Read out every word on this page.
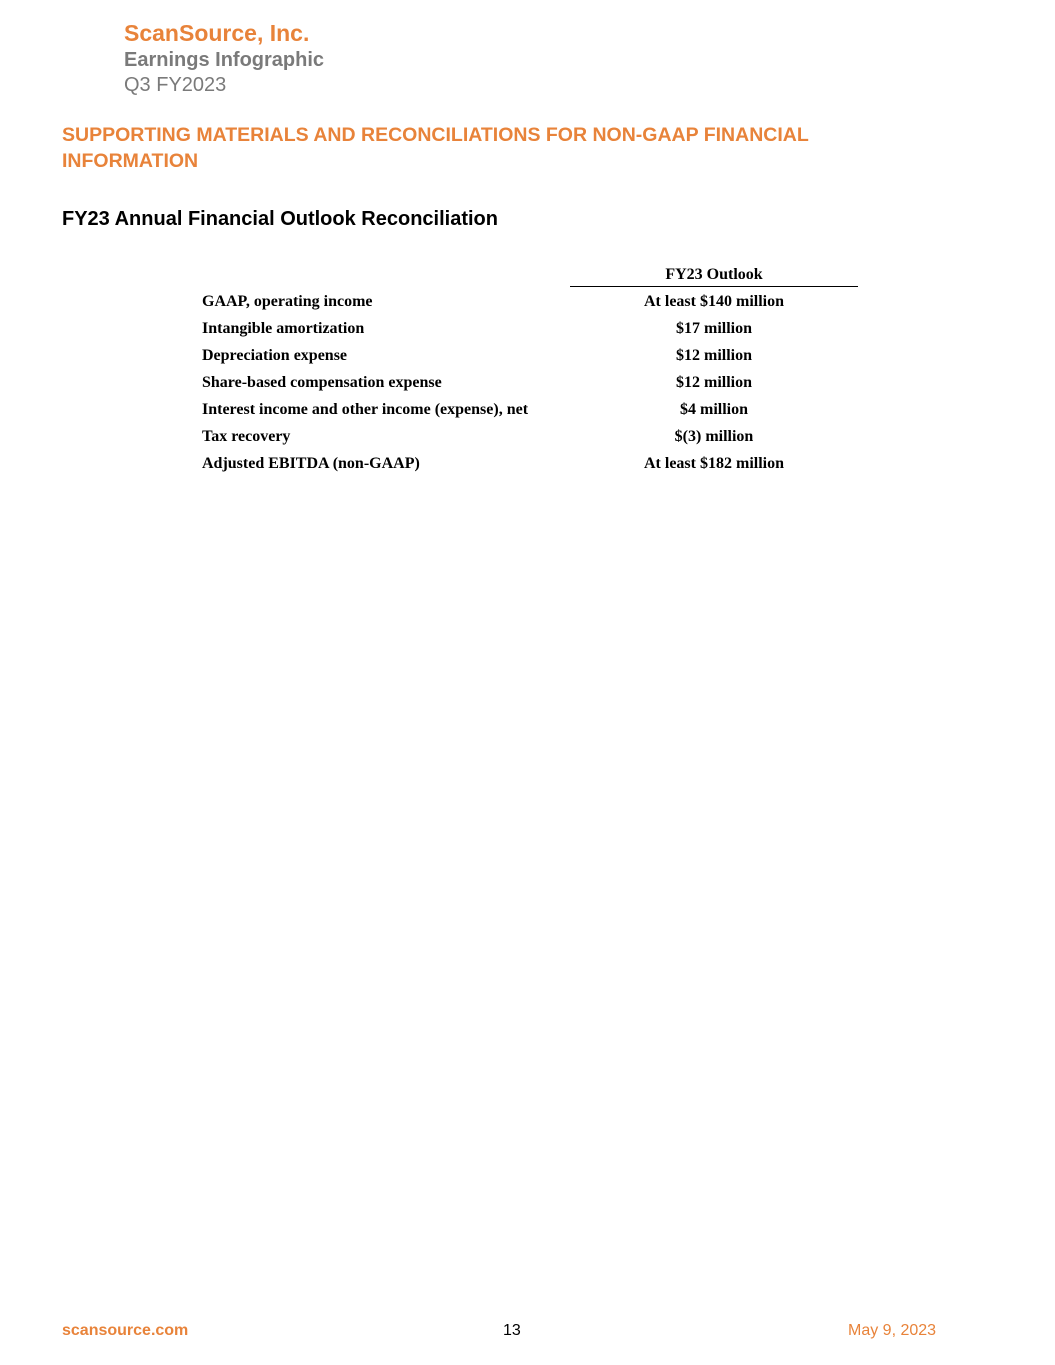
ScanSource, Inc.
Earnings Infographic
Q3 FY2023
SUPPORTING MATERIALS AND RECONCILIATIONS FOR NON-GAAP FINANCIAL INFORMATION
FY23 Annual Financial Outlook Reconciliation
FY23 Outlook
GAAP, operating income	At least $140 million
Intangible amortization	$17 million
Depreciation expense	$12 million
Share-based compensation expense	$12 million
Interest income and other income (expense), net	$4 million
Tax recovery	$(3) million
Adjusted EBITDA (non-GAAP)	At least $182 million
scansource.com	13	May 9, 2023
